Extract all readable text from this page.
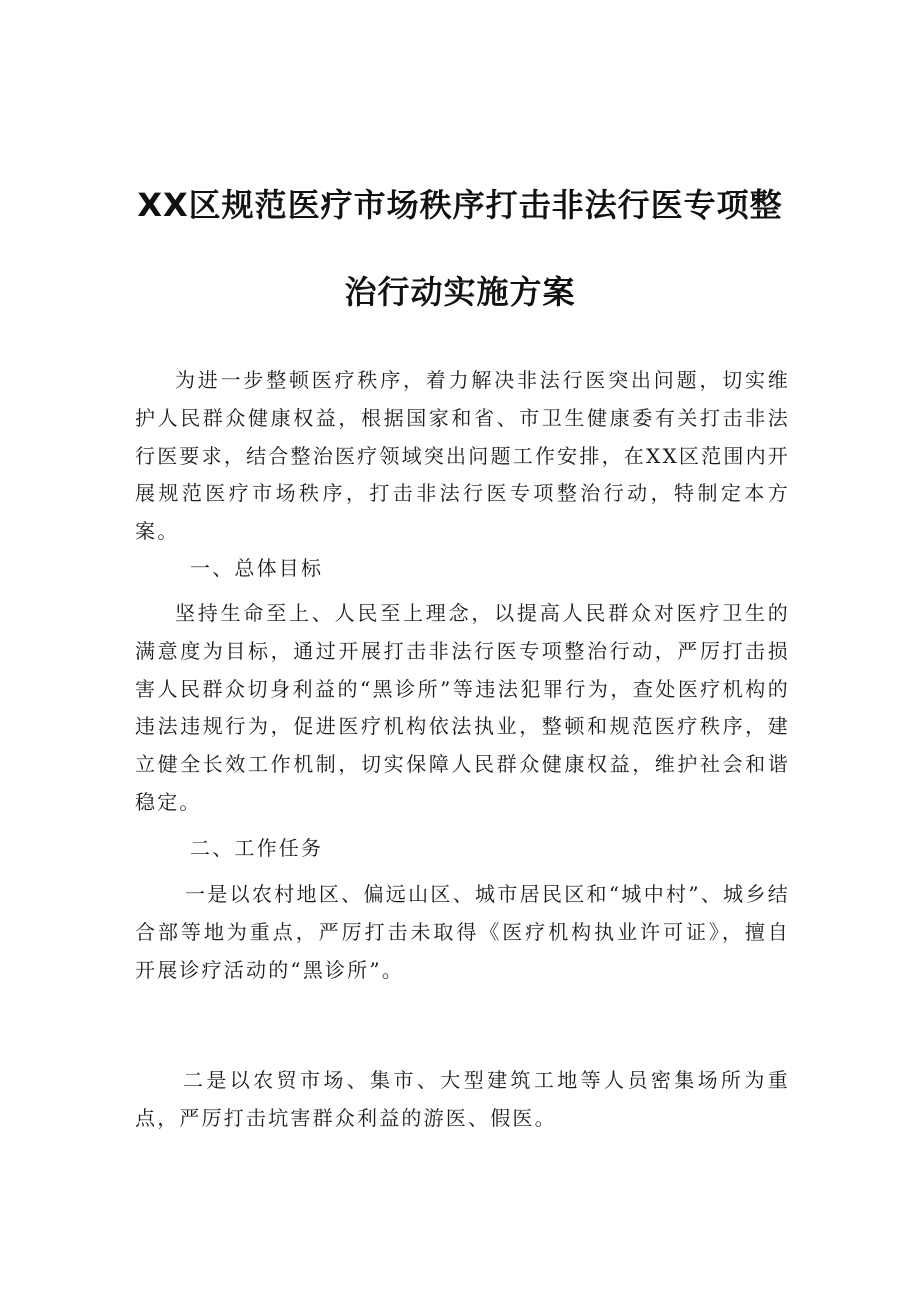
XX区规范医疗市场秩序打击非法行医专项整
治行动实施方案

为进一步整顿医疗秩序，着力解决非法行医突出问题，切实维护人民群众健康权益，根据国家和省、市卫生健康委有关打击非法行医要求，结合整治医疗领域突出问题工作安排，在XX区范围内开展规范医疗市场秩序，打击非法行医专项整治行动，特制定本方案。

一、总体目标

坚持生命至上、人民至上理念，以提高人民群众对医疗卫生的满意度为目标，通过开展打击非法行医专项整治行动，严厉打击损害人民群众切身利益的“黑诊所”等违法犯罪行为，查处医疗机构的违法违规行为，促进医疗机构依法执业，整顿和规范医疗秩序，建立健全长效工作机制，切实保障人民群众健康权益，维护社会和谐稳定。

二、工作任务

一是以农村地区、偏远山区、城市居民区和“城中村”、城乡结合部等地为重点，严厉打击未取得《医疗机构执业许可证》，擅自开展诊疗活动的“黑诊所”。

二是以农贸市场、集市、大型建筑工地等人员密集场所为重点，严厉打击坑害群众利益的游医、假医。
